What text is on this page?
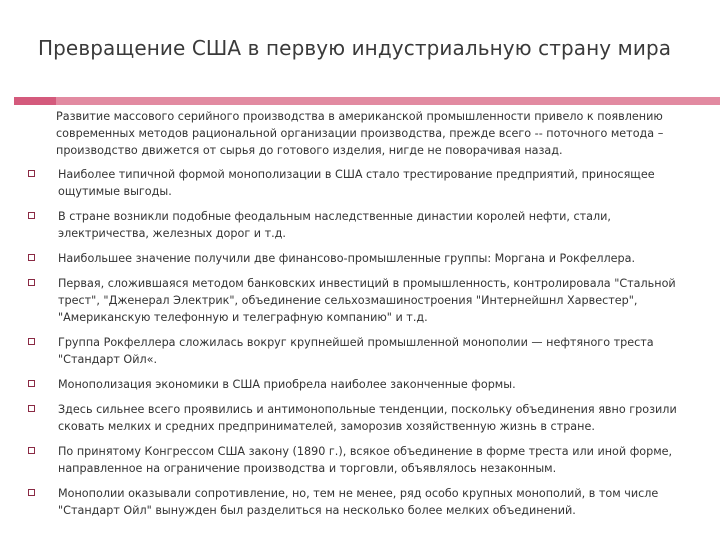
Превращение США в первую индустриальную страну мира
Развитие массового серийного производства в американской промышленности привело к появлению современных методов рациональной организации производства, прежде всего -- поточного метода – производство движется от сырья до готового изделия, нигде не поворачивая назад.
Наиболее типичной формой монополизации в США стало трестирование предприятий, приносящее ощутимые выгоды.
В стране возникли подобные феодальным наследственные династии королей нефти, стали, электричества, железных дорог и т.д.
Наибольшее значение получили две финансово-промышленные группы: Моргана и Рокфеллера.
Первая, сложившаяся методом банковских инвестиций в промышленность, контролировала "Стальной трест", "Дженерал Электрик", объединение сельхозмашиностроения "Интернейшнл Харвестер", "Американскую телефонную и телеграфную компанию" и т.д.
Группа Рокфеллера сложилась вокруг крупнейшей промышленной монополии — нефтяного треста "Стандарт Ойл«.
Монополизация экономики в США приобрела наиболее законченные формы.
Здесь сильнее всего проявились и антимонопольные тенденции, поскольку объединения явно грозили сковать мелких и средних предпринимателей, заморозив хозяйственную жизнь в стране.
По принятому Конгрессом США закону (1890 г.), всякое объединение в форме треста или иной форме, направленное на ограничение производства и торговли, объявлялось незаконным.
Монополии оказывали сопротивление, но, тем не менее, ряд особо крупных монополий, в том числе "Стандарт Ойл" вынужден был разделиться на несколько более мелких объединений.
